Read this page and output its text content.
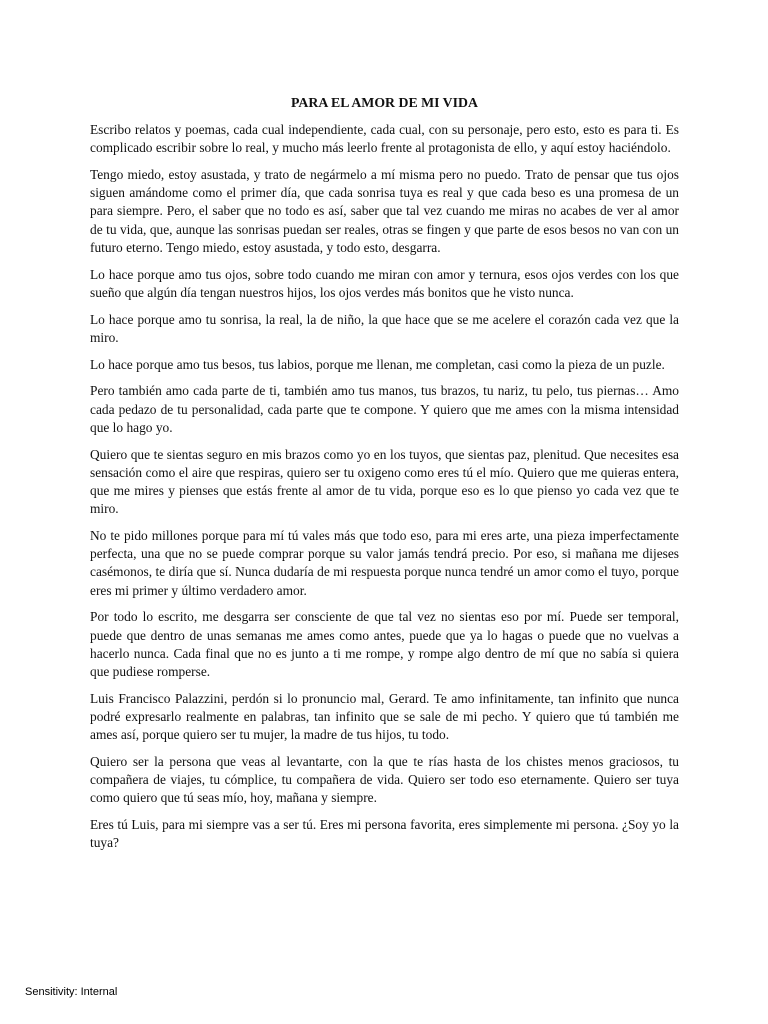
PARA EL AMOR DE MI VIDA

Escribo relatos y poemas, cada cual independiente, cada cual, con su personaje, pero esto, esto es para ti. Es complicado escribir sobre lo real, y mucho más leerlo frente al protagonista de ello, y aquí estoy haciéndolo.

Tengo miedo, estoy asustada, y trato de negármelo a mí misma pero no puedo. Trato de pensar que tus ojos siguen amándome como el primer día, que cada sonrisa tuya es real y que cada beso es una promesa de un para siempre. Pero, el saber que no todo es así, saber que tal vez cuando me miras no acabes de ver al amor de tu vida, que, aunque las sonrisas puedan ser reales, otras se fingen y que parte de esos besos no van con un futuro eterno. Tengo miedo, estoy asustada, y todo esto, desgarra.

Lo hace porque amo tus ojos, sobre todo cuando me miran con amor y ternura, esos ojos verdes con los que sueño que algún día tengan nuestros hijos, los ojos verdes más bonitos que he visto nunca.

Lo hace porque amo tu sonrisa, la real, la de niño, la que hace que se me acelere el corazón cada vez que la miro.

Lo hace porque amo tus besos, tus labios, porque me llenan, me completan, casi como la pieza de un puzle.

Pero también amo cada parte de ti, también amo tus manos, tus brazos, tu nariz, tu pelo, tus piernas… Amo cada pedazo de tu personalidad, cada parte que te compone. Y quiero que me ames con la misma intensidad que lo hago yo.

Quiero que te sientas seguro en mis brazos como yo en los tuyos, que sientas paz, plenitud. Que necesites esa sensación como el aire que respiras, quiero ser tu oxigeno como eres tú el mío. Quiero que me quieras entera, que me mires y pienses que estás frente al amor de tu vida, porque eso es lo que pienso yo cada vez que te miro.

No te pido millones porque para mí tú vales más que todo eso, para mi eres arte, una pieza imperfectamente perfecta, una que no se puede comprar porque su valor jamás tendrá precio. Por eso, si mañana me dijeses casémonos, te diría que sí. Nunca dudaría de mi respuesta porque nunca tendré un amor como el tuyo, porque eres mi primer y último verdadero amor.

Por todo lo escrito, me desgarra ser consciente de que tal vez no sientas eso por mí. Puede ser temporal, puede que dentro de unas semanas me ames como antes, puede que ya lo hagas o puede que no vuelvas a hacerlo nunca. Cada final que no es junto a ti me rompe, y rompe algo dentro de mí que no sabía si quiera que pudiese romperse.

Luis Francisco Palazzini, perdón si lo pronuncio mal, Gerard. Te amo infinitamente, tan infinito que nunca podré expresarlo realmente en palabras, tan infinito que se sale de mi pecho. Y quiero que tú también me ames así, porque quiero ser tu mujer, la madre de tus hijos, tu todo.

Quiero ser la persona que veas al levantarte, con la que te rías hasta de los chistes menos graciosos, tu compañera de viajes, tu cómplice, tu compañera de vida. Quiero ser todo eso eternamente. Quiero ser tuya como quiero que tú seas mío, hoy, mañana y siempre.

Eres tú Luis, para mi siempre vas a ser tú. Eres mi persona favorita, eres simplemente mi persona. ¿Soy yo la tuya?

Sensitivity: Internal
